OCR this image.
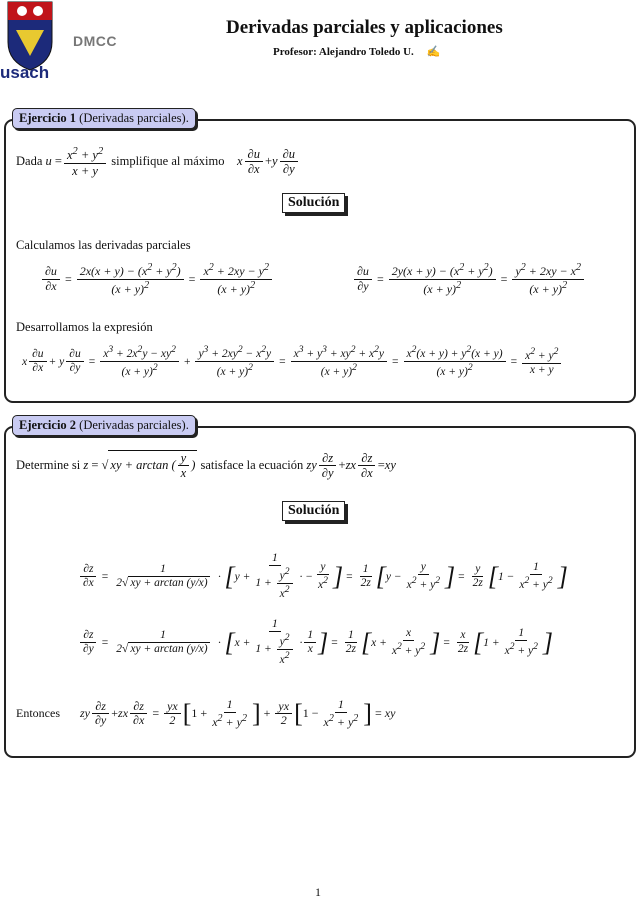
usach
DMCC
Derivadas parciales y aplicaciones
Profesor: Alejandro Toledo U. ✍
Ejercicio 1 (Derivadas parciales).
Dada
$u = \frac{x^2 + y^2}{x + y}$
simplifique al máximo
x $\frac{\partial u}{\partial x} + y \frac{\partial u}{\partial y}$
Solución
Calculamos las derivadas parciales
$\frac{\partial u}{\partial x} = \frac{2x(x + y) - (x^2 + y^2)}{(x + y)^2} = \frac{x^2 + 2xy - y^2}{(x + y)^2}$	$\frac{\partial u}{\partial y} = \frac{2y(x + y) - (x^2 + y^2)}{(x + y)^2} = \frac{y^2 + 2xy - x^2}{(x + y)^2}$
Desarrollamos la expresión
x $\frac{\partial u}{\partial x} + y \frac{\partial u}{\partial y} = \frac{x^3 + 2x^2y - xy^2}{(x + y)^2} + \frac{y^3 + 2xy^2 - x^2y}{(x + y)^2} = \frac{x^3 + y^3 + xy^2 + x^2y}{(x + y)^2} = \frac{x^2(x + y) + y^2(x + y)}{(x + y)^2} = \frac{x^2 + y^2}{x + y}$
Ejercicio 2 (Derivadas parciales).
Determine si
z = √ xy + arctan ( $\frac{y}{x}$ )
satisface la ecuación
zy $\frac{\partial z}{\partial y}$ + zx $\frac{\partial z}{\partial x}$ = xy
Solución
$\frac{\partial z}{\partial x} = \frac{1}{2√ xy + \arctan (y/x)}$ · [ $y + \frac{1}{1 + \frac{y^2}{x^2}}$ · − $\frac{y}{x^2}$ ] = $\frac{1}{2z}$ [ $y - \frac{y}{x^2 + y^2}$ ] = $\frac{y}{2z}$ [ $1 - \frac{1}{x^2 + y^2}$ ]
$\frac{\partial z}{\partial y} = \frac{1}{2√ xy + \arctan (y/x)}$ · [ $x + \frac{1}{1 + \frac{y^2}{x^2}} \cdot \frac{1}{x}$ ] = $\frac{1}{2z}$ [ $x + \frac{x}{x^2 + y^2}$ ] = $\frac{x}{2z}$ [ $1 + \frac{1}{x^2 + y^2}$ ]
Entonces zy $\frac{\partial z}{\partial y}$ + zx $\frac{\partial z}{\partial x} = \frac{yx}{2}$ [ $1 + \frac{1}{x^2 + y^2}$ ] + $\frac{yx}{2}$ [ $1 - \frac{1}{x^2 + y^2}$ ] = xy
1
